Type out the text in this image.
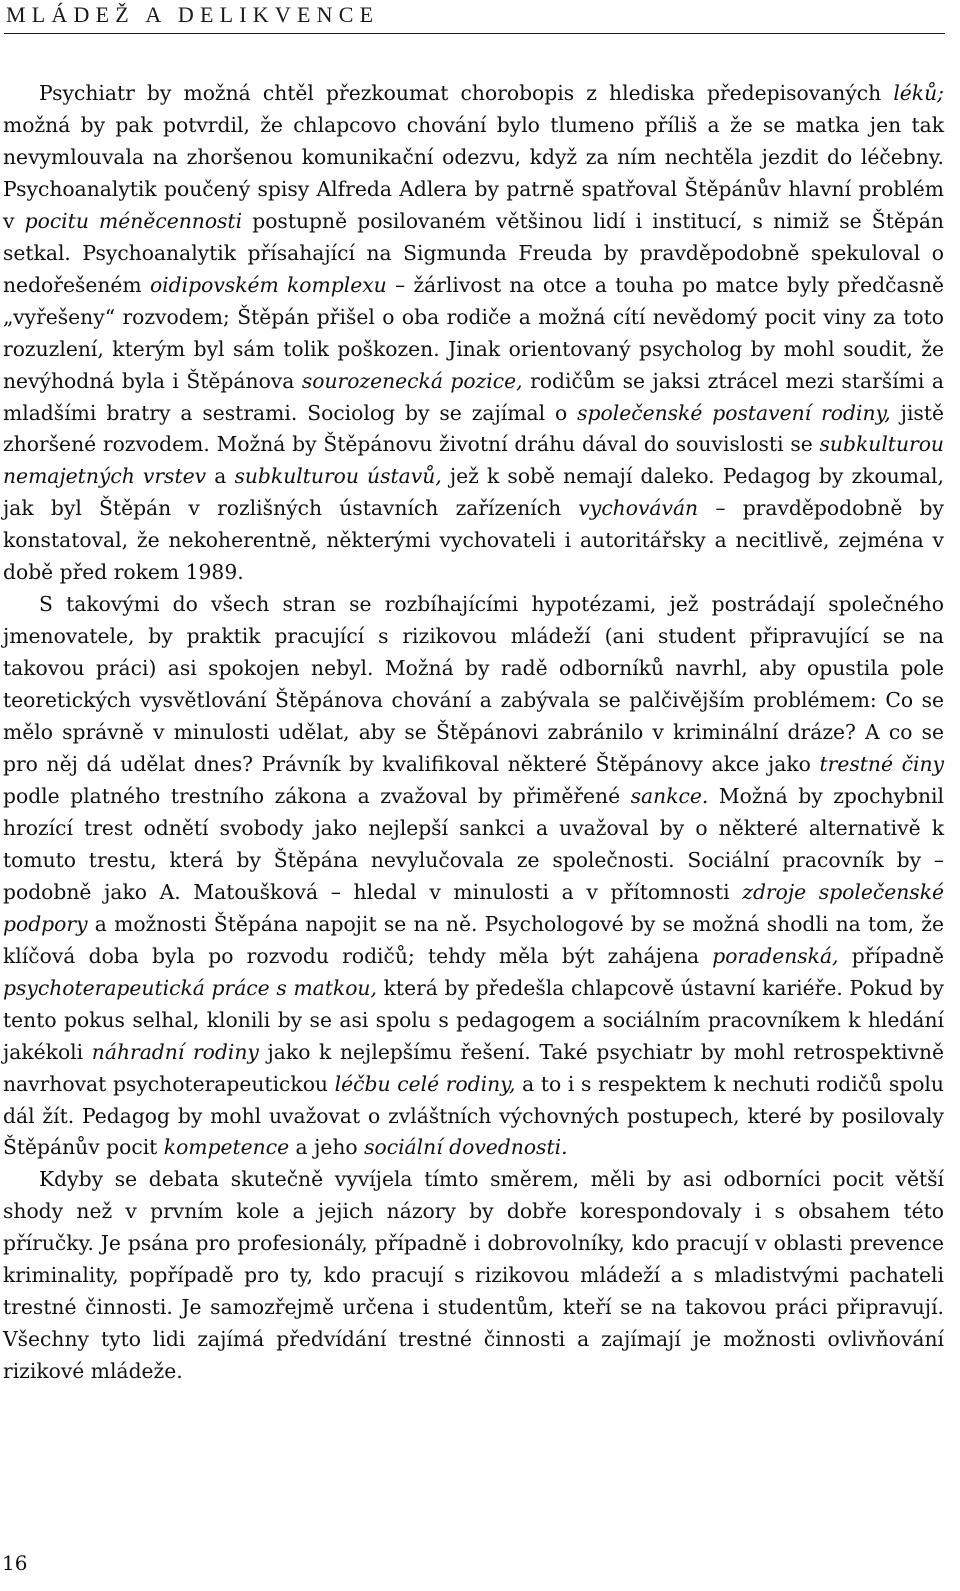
MLÁDEŽ A DELIKVENCE

Psychiatr by možná chtěl přezkoumat chorobopis z hlediska předepisovaných léků; možná by pak potvrdil, že chlapcovo chování bylo tlumeno příliš a že se matka jen tak nevymlouvala na zhoršenou komunikační odezvu, když za ním nechtěla jezdit do léčebny. Psychoanalytik poučený spisy Alfreda Adlera by patrně spatřoval Štěpánův hlavní problém v pocitu méněcennosti postupně posilovaném většinou lidí i institucí, s nimiž se Štěpán setkal. Psychoanalytik přísahající na Sigmunda Freuda by pravděpodobně spekuloval o nedořešeném oidipovském komplexu – žárlivost na otce a touha po matce byly předčasně „vyřešeny“ rozvodem; Štěpán přišel o oba rodiče a možná cítí nevědomý pocit viny za toto rozuzlení, kterým byl sám tolik poškozen. Jinak orientovaný psycholog by mohl soudit, že nevýhodná byla i Štěpánova sourozenecká pozice, rodičům se jaksi ztrácel mezi staršími a mladšími bratry a sestrami. Sociolog by se zajímal o společenské postavení rodiny, jistě zhoršené rozvodem. Možná by Štěpánovu životní dráhu dával do souvislosti se subkulturou nemajetných vrstev a subkulturou ústavů, jež k sobě nemají daleko. Pedagog by zkoumal, jak byl Štěpán v rozlišných ústavních zařízeních vychováván – pravděpodobně by konstatoval, že nekoherentně, některými vychovateli i autoritářsky a necitlivě, zejména v době před rokem 1989.

S takovými do všech stran se rozbíhajícími hypotézami, jež postrádají společného jmenovatele, by praktik pracující s rizikovou mládeží (ani student připravující se na takovou práci) asi spokojen nebyl. Možná by radě odborníků navrhl, aby opustila pole teoretických vysvětlování Štěpánova chování a zabývala se palčivějším problémem: Co se mělo správně v minulosti udělat, aby se Štěpánovi zabránilo v kriminální dráze? A co se pro něj dá udělat dnes? Právník by kvalifikoval některé Štěpánovy akce jako trestné činy podle platného trestního zákona a zvažoval by přiměřené sankce. Možná by zpochybnil hrozící trest odnětí svobody jako nejlepší sankci a uvažoval by o některé alternativě k tomuto trestu, která by Štěpána nevylučovala ze společnosti. Sociální pracovník by – podobně jako A. Matoušková – hledal v minulosti a v přítomnosti zdroje společenské podpory a možnosti Štěpána napojit se na ně. Psychologové by se možná shodli na tom, že klíčová doba byla po rozvodu rodičů; tehdy měla být zahájena poradenská, případně psychoterapeutická práce s matkou, která by předešla chlapcově ústavní kariéře. Pokud by tento pokus selhal, klonili by se asi spolu s pedagogem a sociálním pracovníkem k hledání jakékoli náhradní rodiny jako k nejlepšímu řešení. Také psychiatr by mohl retrospektivně navrhovat psychoterapeutickou léčbu celé rodiny, a to i s respektem k nechuti rodičů spolu dál žít. Pedagog by mohl uvažovat o zvláštních výchovných postupech, které by posilovaly Štěpánův pocit kompetence a jeho sociální dovednosti.

Kdyby se debata skutečně vyvíjela tímto směrem, měli by asi odborníci pocit větší shody než v prvním kole a jejich názory by dobře korespondovaly i s obsahem této příručky. Je psána pro profesionály, případně i dobrovolníky, kdo pracují v oblasti prevence kriminality, popřípadě pro ty, kdo pracují s rizikovou mládeží a s mladistvými pachateli trestné činnosti. Je samozřejmě určena i studentům, kteří se na takovou práci připravují. Všechny tyto lidi zajímá předvídání trestné činnosti a zajímají je možnosti ovlivňování rizikové mládeže.

16
